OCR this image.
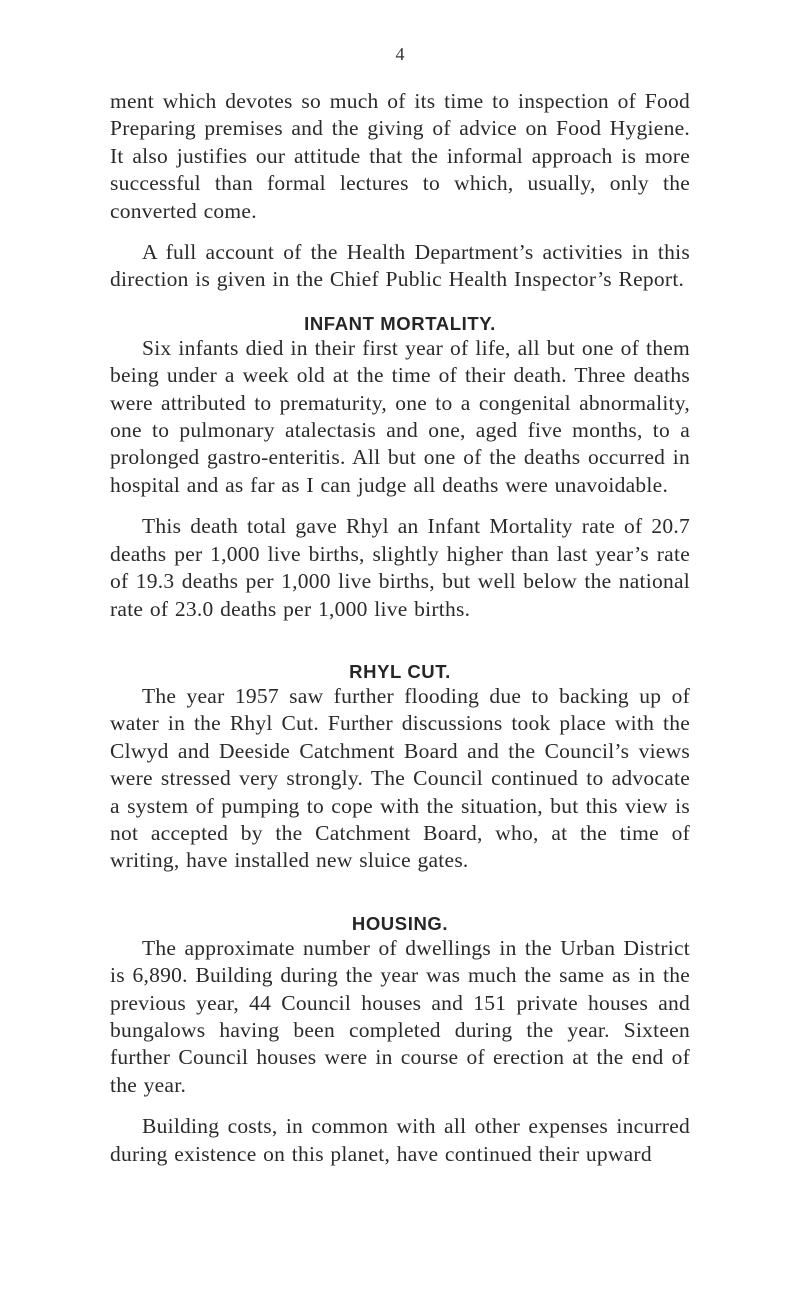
4

ment which devotes so much of its time to inspection of Food Preparing premises and the giving of advice on Food Hygiene. It also justifies our attitude that the informal approach is more successful than formal lectures to which, usually, only the converted come.

A full account of the Health Department’s activities in this direction is given in the Chief Public Health Inspector’s Report.

INFANT MORTALITY.

Six infants died in their first year of life, all but one of them being under a week old at the time of their death. Three deaths were attributed to prematurity, one to a congenital abnormality, one to pulmonary atalectasis and one, aged five months, to a prolonged gastro-enteritis. All but one of the deaths occurred in hospital and as far as I can judge all deaths were unavoidable.

This death total gave Rhyl an Infant Mortality rate of 20.7 deaths per 1,000 live births, slightly higher than last year’s rate of 19.3 deaths per 1,000 live births, but well below the national rate of 23.0 deaths per 1,000 live births.

RHYL CUT.

The year 1957 saw further flooding due to backing up of water in the Rhyl Cut. Further discussions took place with the Clwyd and Deeside Catchment Board and the Council’s views were stressed very strongly. The Council continued to advocate a system of pumping to cope with the situation, but this view is not accepted by the Catchment Board, who, at the time of writing, have installed new sluice gates.

HOUSING.

The approximate number of dwellings in the Urban District is 6,890. Building during the year was much the same as in the previous year, 44 Council houses and 151 private houses and bungalows having been completed during the year. Sixteen further Council houses were in course of erection at the end of the year.

Building costs, in common with all other expenses incurred during existence on this planet, have continued their upward
